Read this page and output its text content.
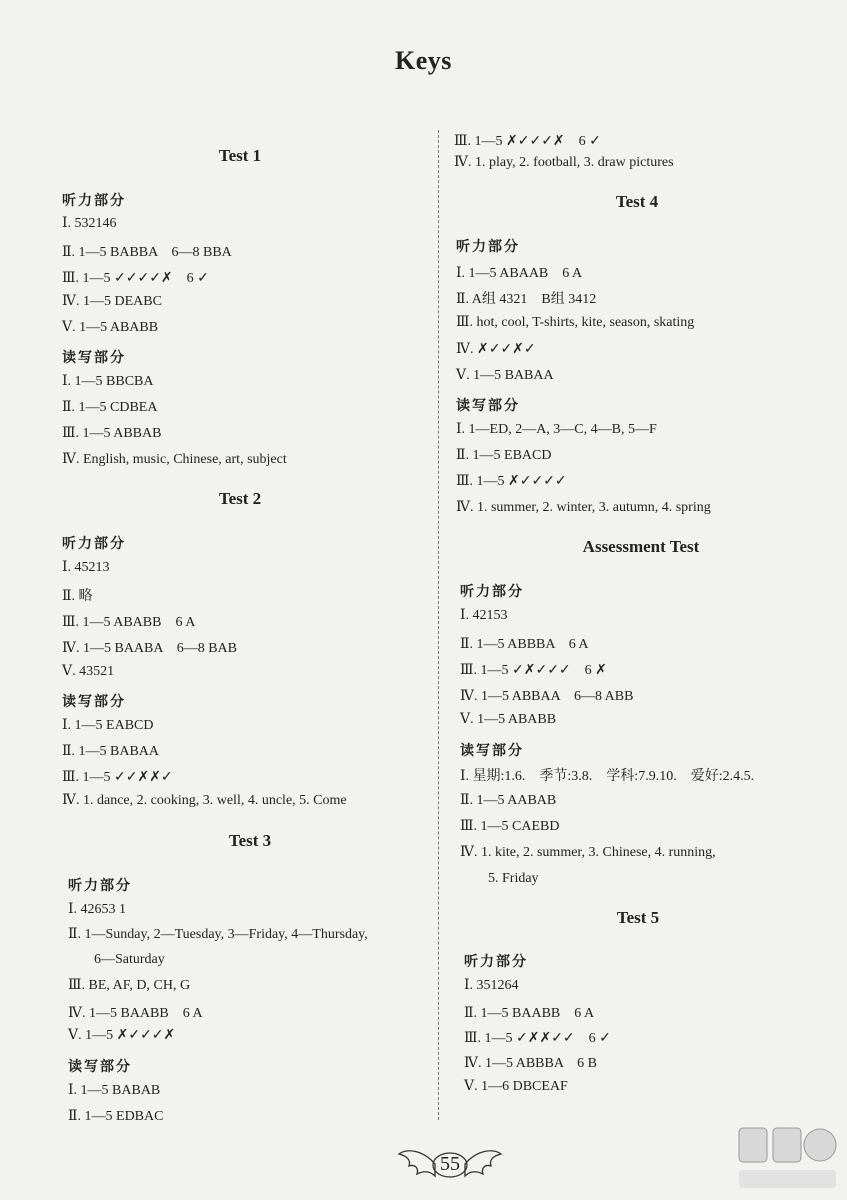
Keys
Test 1
听力部分
Ⅰ. 532146
Ⅱ. 1—5 BABBA　6—8 BBA
Ⅲ. 1—5 ✓✓✓✓✗　6 ✓
Ⅳ. 1—5 DEABC
Ⅴ. 1—5 ABABB
读写部分
Ⅰ. 1—5 BBCBA
Ⅱ. 1—5 CDBEA
Ⅲ. 1—5 ABBAB
Ⅳ. English, music, Chinese, art, subject
Test 2
听力部分
Ⅰ. 45213
Ⅱ. 略
Ⅲ. 1—5 ABABB　6 A
Ⅳ. 1—5 BAABA　6—8 BAB
Ⅴ. 43521
读写部分
Ⅰ. 1—5 EABCD
Ⅱ. 1—5 BABAA
Ⅲ. 1—5 ✓✓✗✗✓
Ⅳ. 1. dance, 2. cooking, 3. well, 4. uncle, 5. Come
Test 3
听力部分
Ⅰ. 42653 1
Ⅱ. 1—Sunday, 2—Tuesday, 3—Friday, 4—Thursday,
6—Saturday
Ⅲ. BE, AF, D, CH, G
Ⅳ. 1—5 BAABB　6 A
Ⅴ. 1—5 ✗✓✓✓✗
读写部分
Ⅰ. 1—5 BABAB
Ⅱ. 1—5 EDBAC
Ⅲ. 1—5 ✗✓✓✓✗　6 ✓
Ⅳ. 1. play, 2. football, 3. draw pictures
Test 4
听力部分
Ⅰ. 1—5 ABAAB　6 A
Ⅱ. A组 4321　B组 3412
Ⅲ. hot, cool, T-shirts, kite, season, skating
Ⅳ. ✗✓✓✗✓
Ⅴ. 1—5 BABAA
读写部分
Ⅰ. 1—ED, 2—A, 3—C, 4—B, 5—F
Ⅱ. 1—5 EBACD
Ⅲ. 1—5 ✗✓✓✓✓
Ⅳ. 1. summer, 2. winter, 3. autumn, 4. spring
Assessment Test
听力部分
Ⅰ. 42153
Ⅱ. 1—5 ABBBA　6 A
Ⅲ. 1—5 ✓✗✓✓✓　6 ✗
Ⅳ. 1—5 ABBAA　6—8 ABB
Ⅴ. 1—5 ABABB
读写部分
Ⅰ. 星期:1.6.　季节:3.8.　学科:7.9.10.　爱好:2.4.5.
Ⅱ. 1—5 AABAB
Ⅲ. 1—5 CAEBD
Ⅳ. 1. kite, 2. summer, 3. Chinese, 4. running,
5. Friday
Test 5
听力部分
Ⅰ. 351264
Ⅱ. 1—5 BAABB　6 A
Ⅲ. 1—5 ✓✗✗✓✓　6 ✓
Ⅳ. 1—5 ABBBA　6 B
Ⅴ. 1—6 DBCEAF
55
